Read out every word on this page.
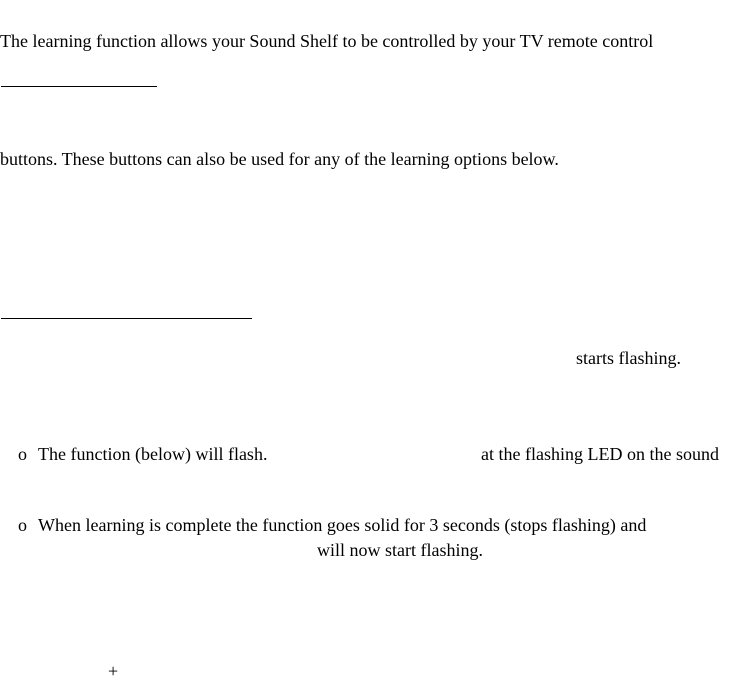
The learning function allows your Sound Shelf to be controlled by your TV remote control
buttons. These buttons can also be used for any of the learning options below.
starts flashing.
o The function (below) will flash.	at the flashing LED on the sound
o When learning is complete the function goes solid for 3 seconds (stops flashing) and
will now start flashing.
+
